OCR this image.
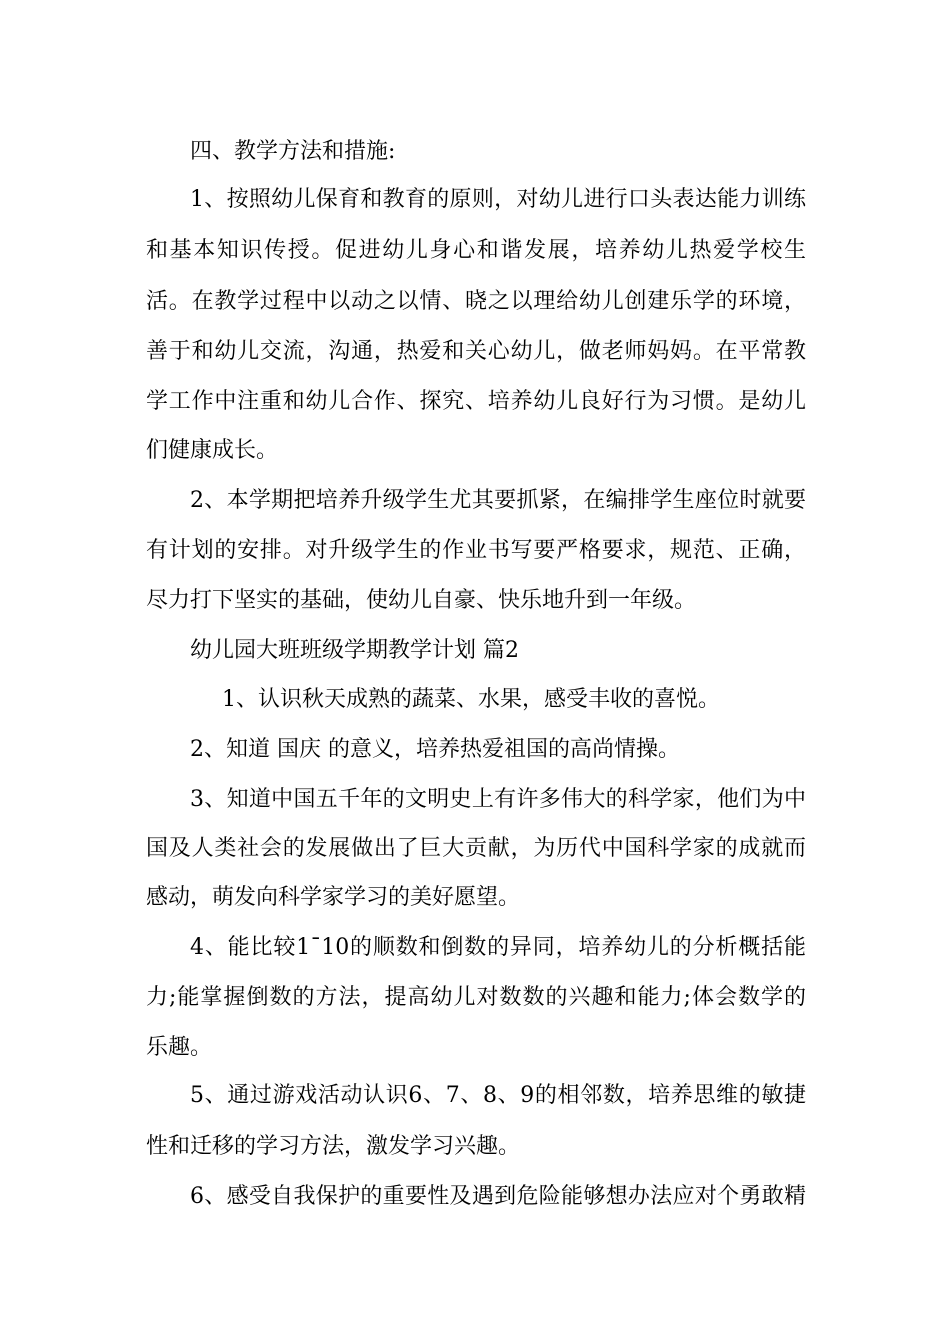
四、教学方法和措施:
1、按照幼儿保育和教育的原则，对幼儿进行口头表达能力训练
和基本知识传授。促进幼儿身心和谐发展，培养幼儿热爱学校生
活。在教学过程中以动之以情、晓之以理给幼儿创建乐学的环境，
善于和幼儿交流，沟通，热爱和关心幼儿，做老师妈妈。在平常教
学工作中注重和幼儿合作、探究、培养幼儿良好行为习惯。是幼儿
们健康成长。
2、本学期把培养升级学生尤其要抓紧，在编排学生座位时就要
有计划的安排。对升级学生的作业书写要严格要求，规范、正确，
尽力打下坚实的基础，使幼儿自豪、快乐地升到一年级。
幼儿园大班班级学期教学计划 篇2
1、认识秋天成熟的蔬菜、水果，感受丰收的喜悦。
2、知道 国庆 的意义，培养热爱祖国的高尚情操。
3、知道中国五千年的文明史上有许多伟大的科学家，他们为中
国及人类社会的发展做出了巨大贡献，为历代中国科学家的成就而
感动，萌发向科学家学习的美好愿望。
4、能比较1¯10的顺数和倒数的异同，培养幼儿的分析概括能
力;能掌握倒数的方法，提高幼儿对数数的兴趣和能力;体会数学的
乐趣。
5、通过游戏活动认识6、7、8、9的相邻数，培养思维的敏捷
性和迁移的学习方法，激发学习兴趣。
6、感受自我保护的重要性及遇到危险能够想办法应对个勇敢精
